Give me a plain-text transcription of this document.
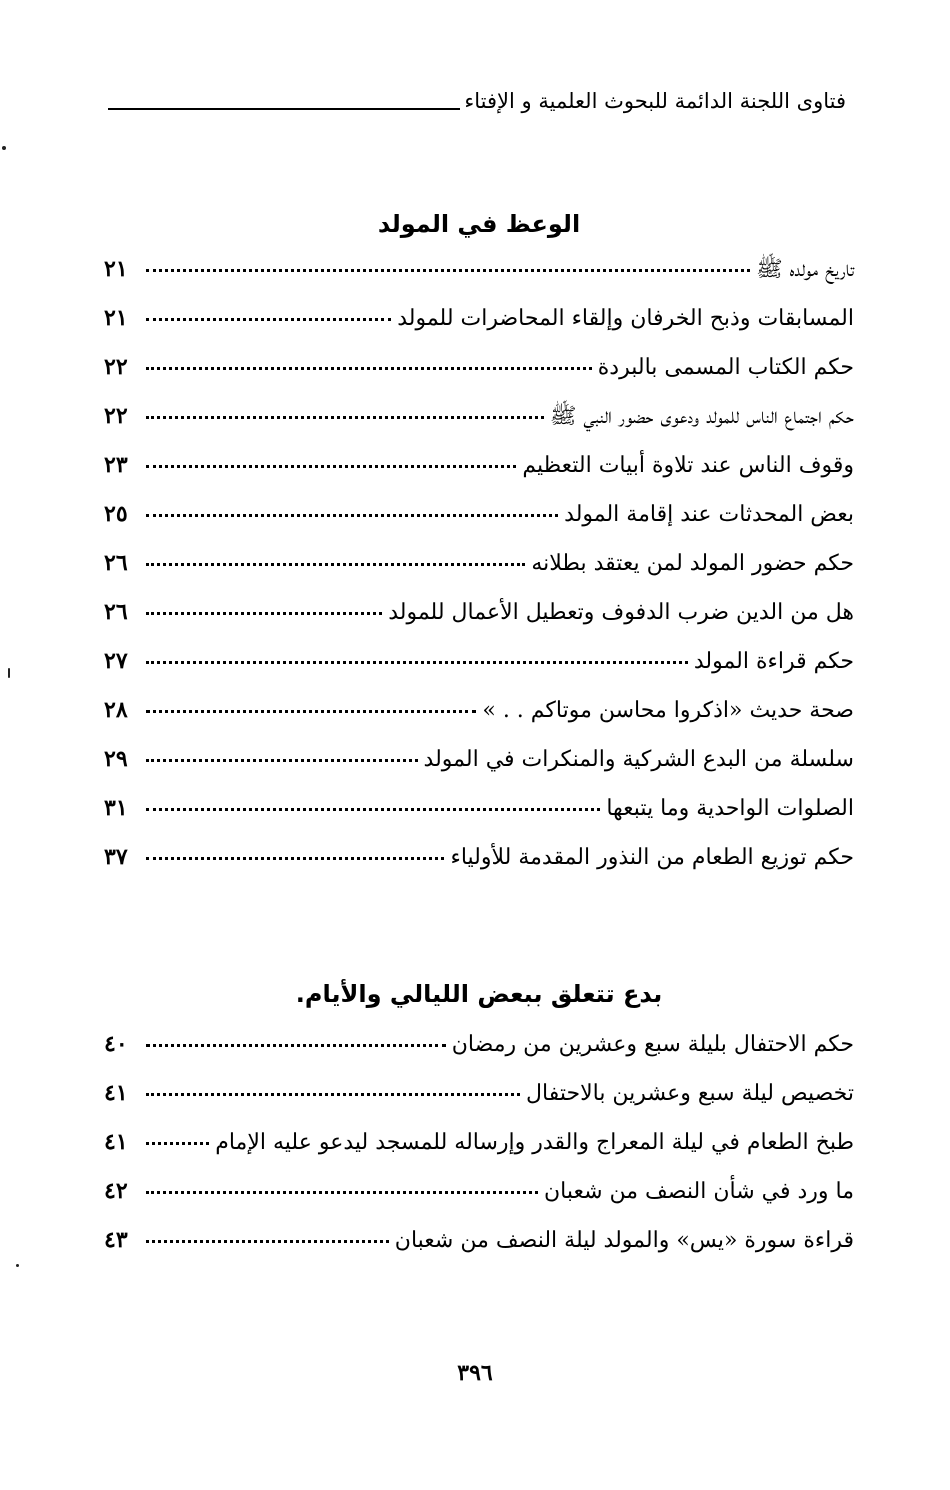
فتاوى اللجنة الدائمة للبحوث العلمية و الإفتاء
الوعظ في المولد
تاريخ مولده ﷺ
٢١
المسابقات وذبح الخرفان وإلقاء المحاضرات للمولد
٢١
حكم الكتاب المسمى بالبردة
٢٢
حكم اجتماع الناس للمولد ودعوى حضور النبي ﷺ
٢٢
وقوف الناس عند تلاوة أبيات التعظيم
٢٣
بعض المحدثات عند إقامة المولد
٢٥
حكم حضور المولد لمن يعتقد بطلانه
٢٦
هل من الدين ضرب الدفوف وتعطيل الأعمال للمولد
٢٦
حكم قراءة المولد
٢٧
صحة حديث «اذكروا محاسن موتاكم . . »
٢٨
سلسلة من البدع الشركية والمنكرات في المولد
٢٩
الصلوات الواحدية وما يتبعها
٣١
حكم توزيع الطعام من النذور المقدمة للأولياء
٣٧
بدع تتعلق ببعض الليالي والأيام.
حكم الاحتفال بليلة سبع وعشرين من رمضان
٤٠
تخصيص ليلة سبع وعشرين بالاحتفال
٤١
طبخ الطعام في ليلة المعراج والقدر وإرساله للمسجد ليدعو عليه الإمام
٤١
ما ورد في شأن النصف من شعبان
٤٢
قراءة سورة «يس» والمولد ليلة النصف من شعبان
٤٣
٣٩٦
